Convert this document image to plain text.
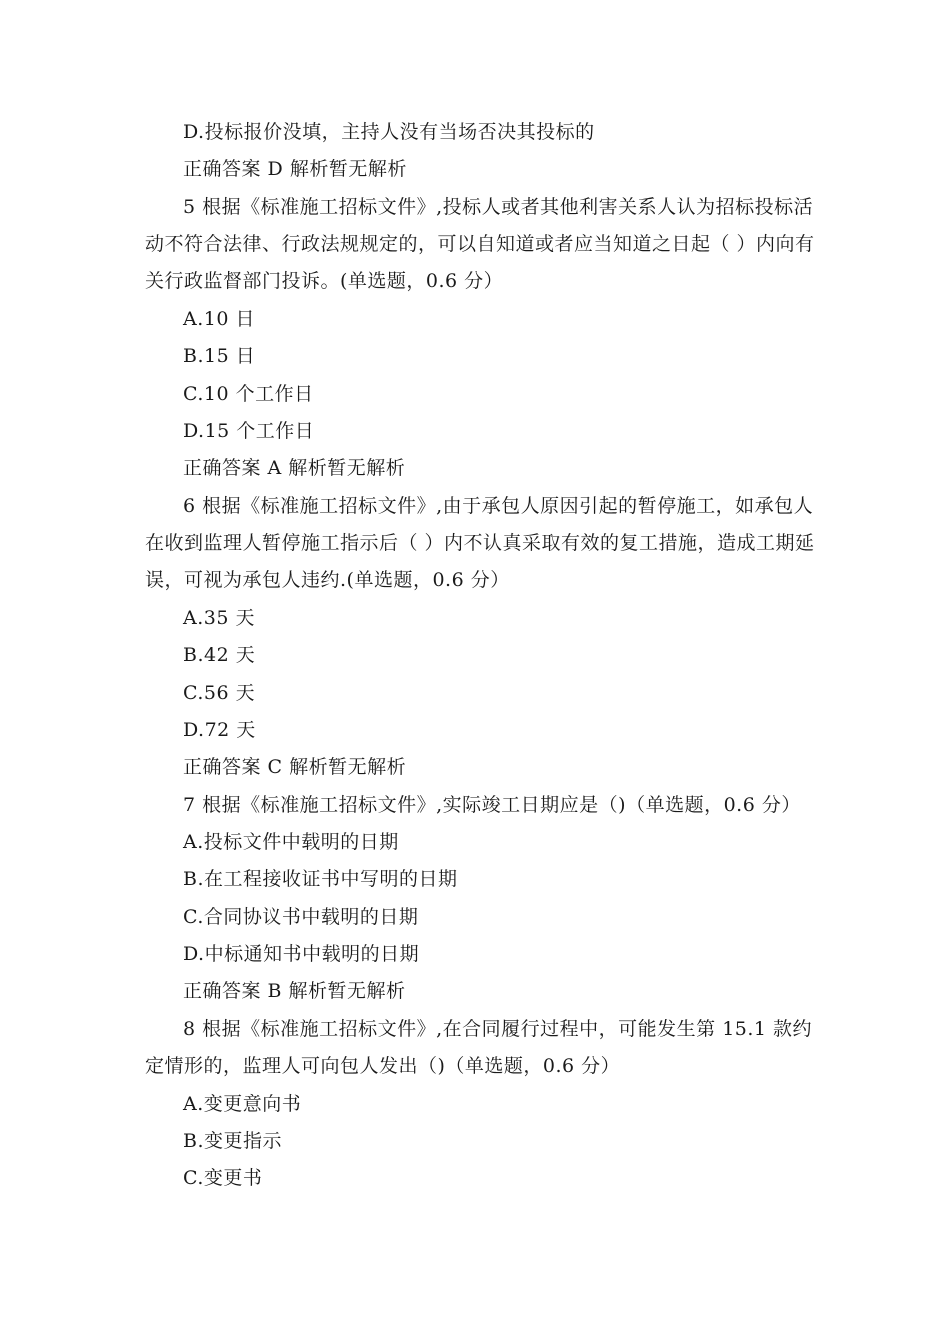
D.投标报价没填，主持人没有当场否决其投标的
正确答案 D 解析暂无解析
5 根据《标准施工招标文件》,投标人或者其他利害关系人认为招标投标活
动不符合法律、行政法规规定的，可以自知道或者应当知道之日起（ ）内向有
关行政监督部门投诉。(单选题，0.6 分）
A.10 日
B.15 日
C.10 个工作日
D.15 个工作日
正确答案 A 解析暂无解析
6 根据《标准施工招标文件》,由于承包人原因引起的暂停施工，如承包人
在收到监理人暂停施工指示后（ ）内不认真采取有效的复工措施，造成工期延
误，可视为承包人违约.(单选题，0.6 分）
A.35 天
B.42 天
C.56 天
D.72 天
正确答案 C 解析暂无解析
7 根据《标准施工招标文件》,实际竣工日期应是（)（单选题，0.6 分）
A.投标文件中载明的日期
B.在工程接收证书中写明的日期
C.合同协议书中载明的日期
D.中标通知书中载明的日期
正确答案 B 解析暂无解析
8 根据《标准施工招标文件》,在合同履行过程中，可能发生第 15.1 款约
定情形的，监理人可向包人发出（)（单选题，0.6 分）
A.变更意向书
B.变更指示
C.变更书
